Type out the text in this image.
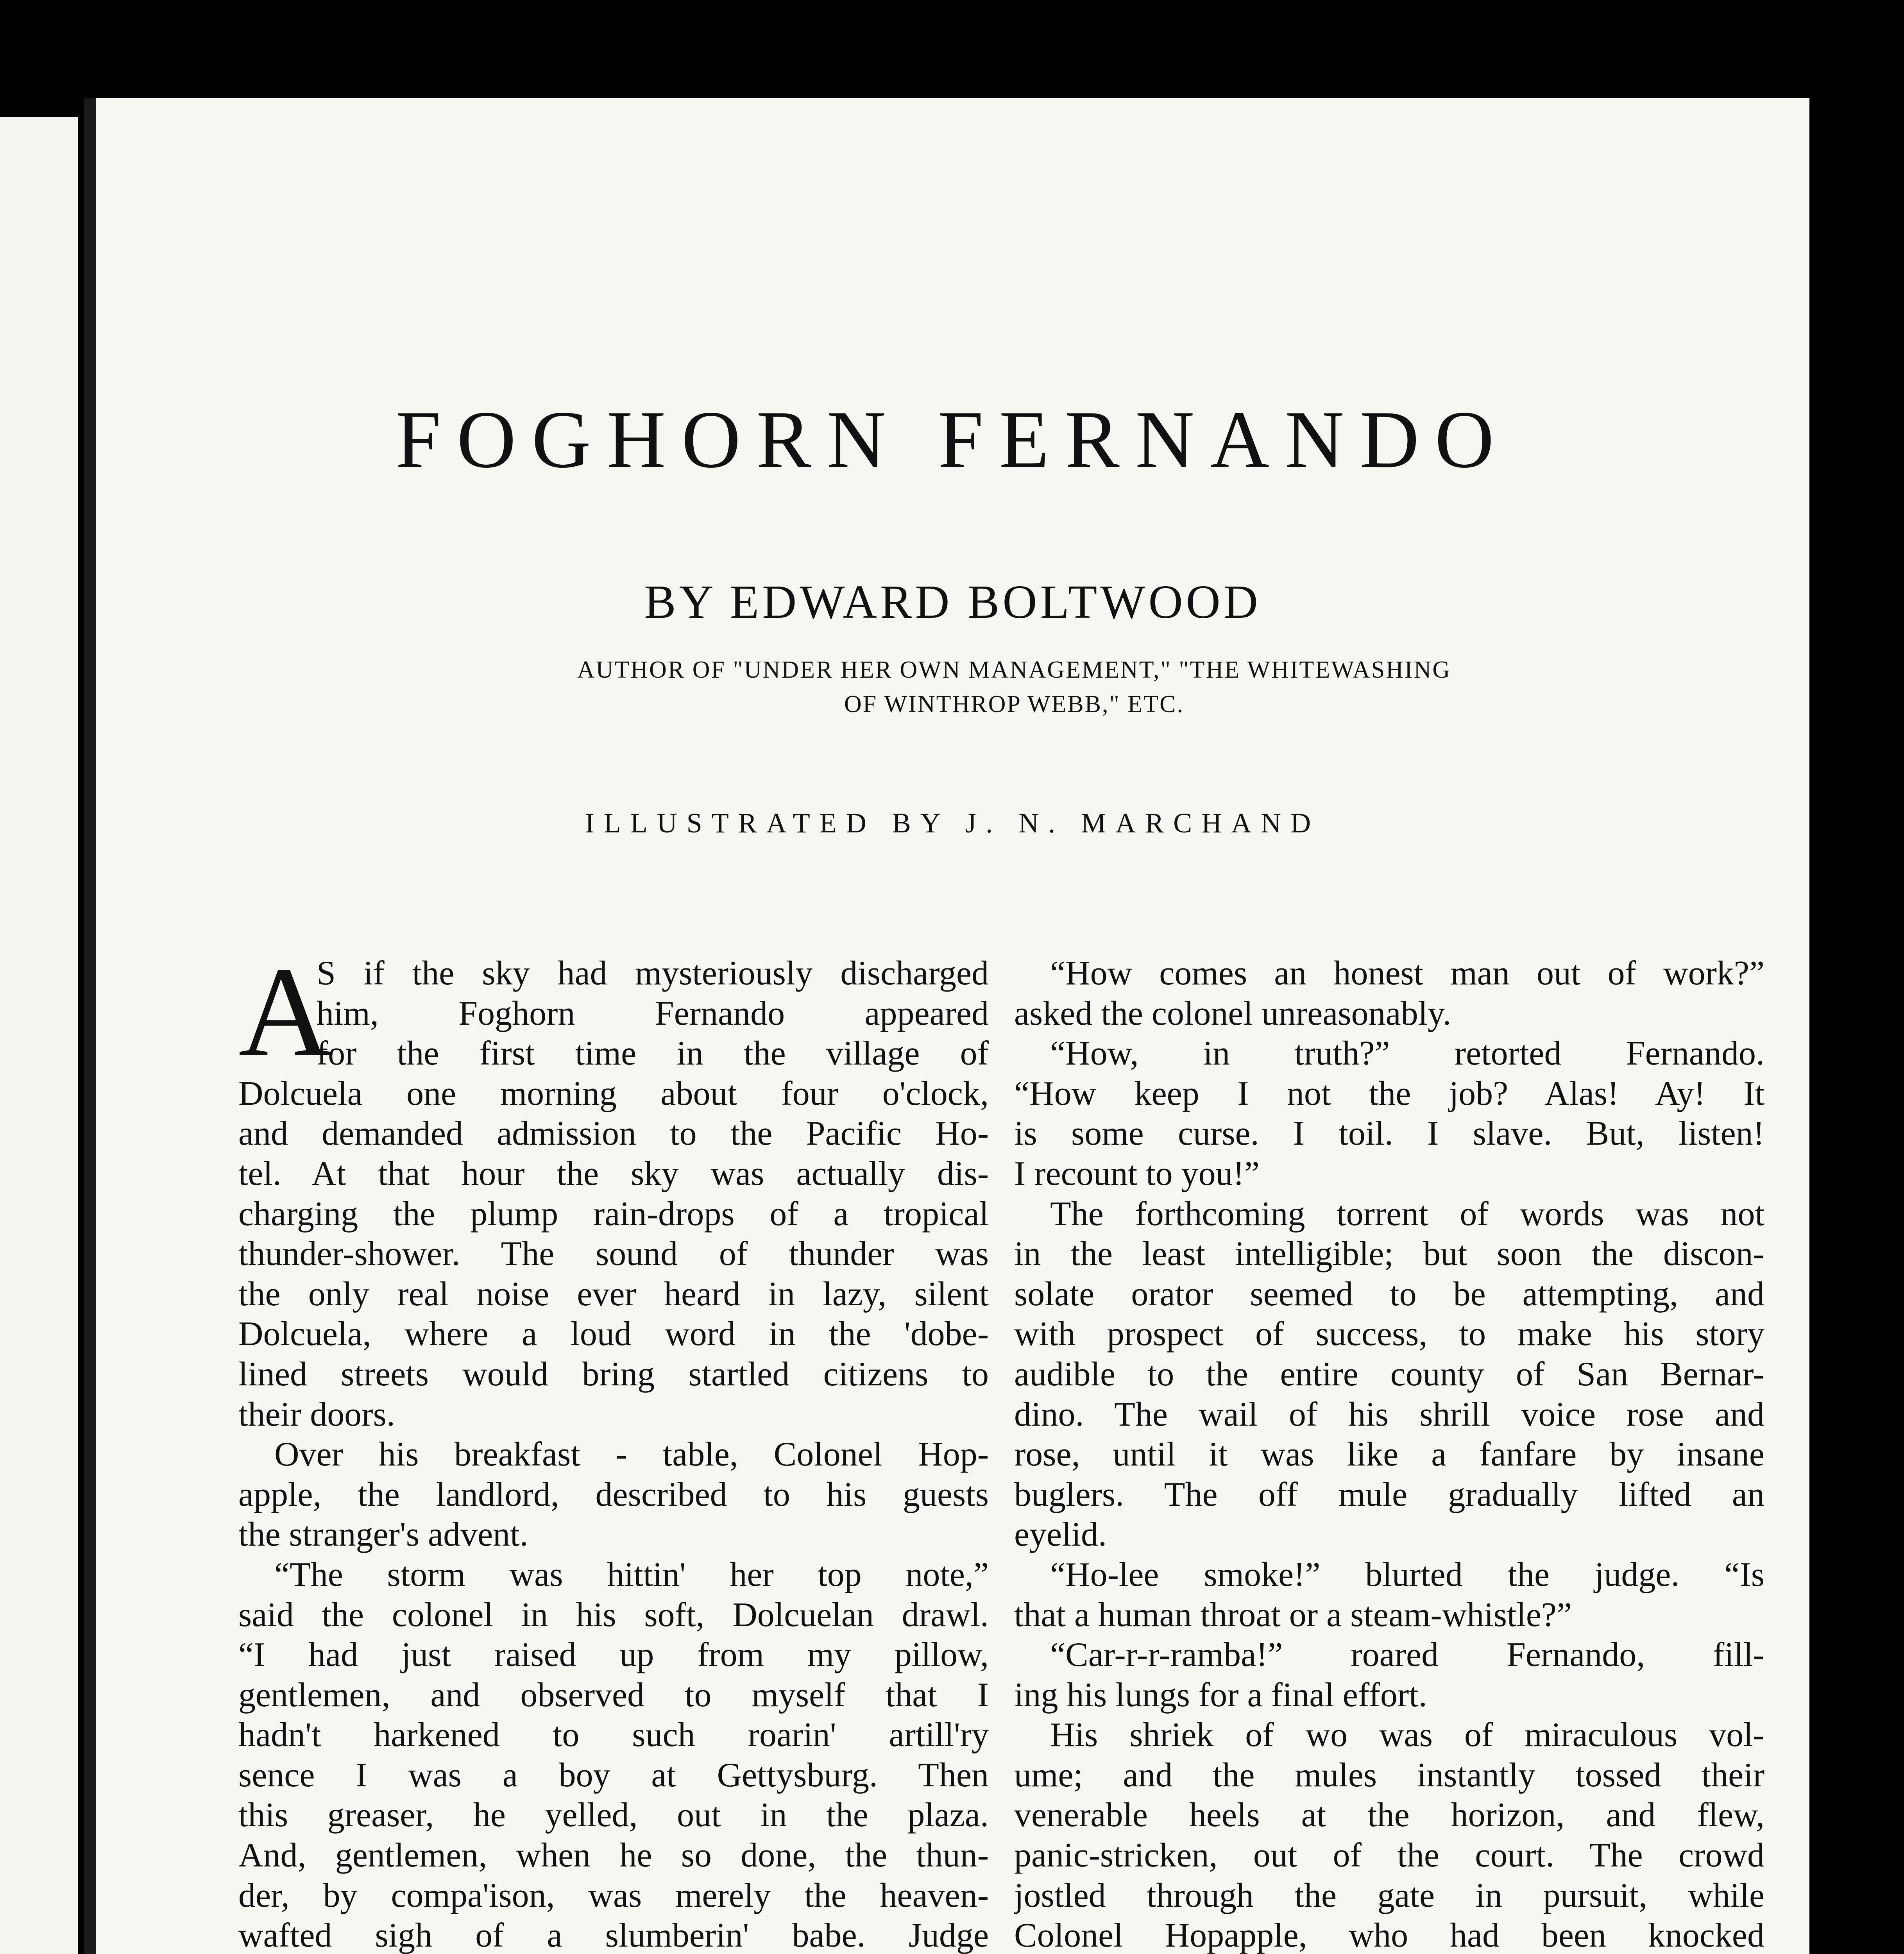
FOGHORN FERNANDO
BY EDWARD BOLTWOOD
AUTHOR OF "UNDER HER OWN MANAGEMENT," "THE WHITEWASHING
OF WINTHROP WEBB," ETC.
ILLUSTRATED BY J. N. MARCHAND
A
S if the sky had mysteriously discharged
him, Foghorn Fernando appeared
for the first time in the village of
Dolcuela one morning about four o'clock,
and demanded admission to the Pacific Ho-
tel. At that hour the sky was actually dis-
charging the plump rain-drops of a tropical
thunder-shower. The sound of thunder was
the only real noise ever heard in lazy, silent
Dolcuela, where a loud word in the 'dobe-
lined streets would bring startled citizens to
their doors.
Over his breakfast - table, Colonel Hop-
apple, the landlord, described to his guests
the stranger's advent.
“The storm was hittin' her top note,”
said the colonel in his soft, Dolcuelan drawl.
“I had just raised up from my pillow,
gentlemen, and observed to myself that I
hadn't harkened to such roarin' artill'ry
sence I was a boy at Gettysburg. Then
this greaser, he yelled, out in the plaza.
And, gentlemen, when he so done, the thun-
der, by compa'ison, was merely the heaven-
wafted sigh of a slumberin' babe. Judge
“How comes an honest man out of work?”
asked the colonel unreasonably.
“How, in truth?” retorted Fernando.
“How keep I not the job? Alas! Ay! It
is some curse. I toil. I slave. But, listen!
I recount to you!”
The forthcoming torrent of words was not
in the least intelligible; but soon the discon-
solate orator seemed to be attempting, and
with prospect of success, to make his story
audible to the entire county of San Bernar-
dino. The wail of his shrill voice rose and
rose, until it was like a fanfare by insane
buglers. The off mule gradually lifted an
eyelid.
“Ho-lee smoke!” blurted the judge. “Is
that a human throat or a steam-whistle?”
“Car-r-r-ramba!” roared Fernando, fill-
ing his lungs for a final effort.
His shriek of wo was of miraculous vol-
ume; and the mules instantly tossed their
venerable heels at the horizon, and flew,
panic-stricken, out of the court. The crowd
jostled through the gate in pursuit, while
Colonel Hopapple, who had been knocked
